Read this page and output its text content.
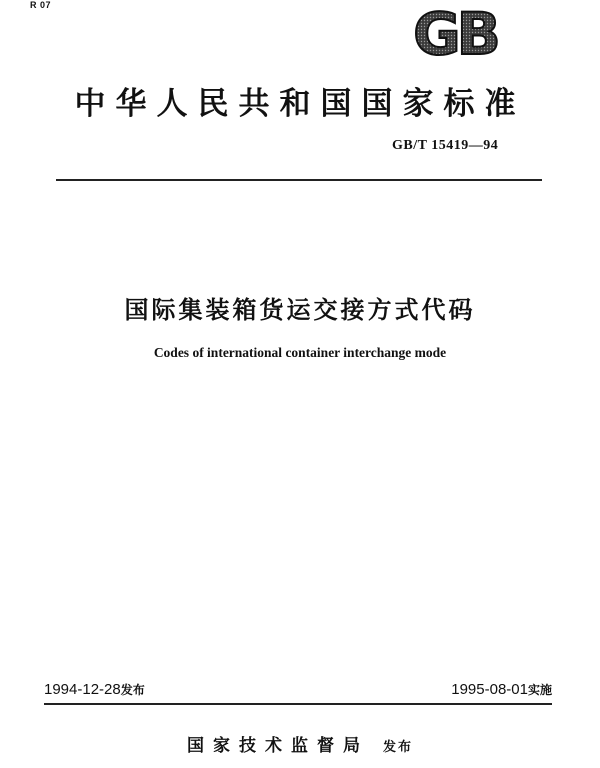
R 07	GB
中华人民共和国国家标准
GB/T 15419—94
国际集装箱货运交接方式代码
Codes of international container interchange mode
1994-12-28发布	1995-08-01实施
国家技术监督局 发布
